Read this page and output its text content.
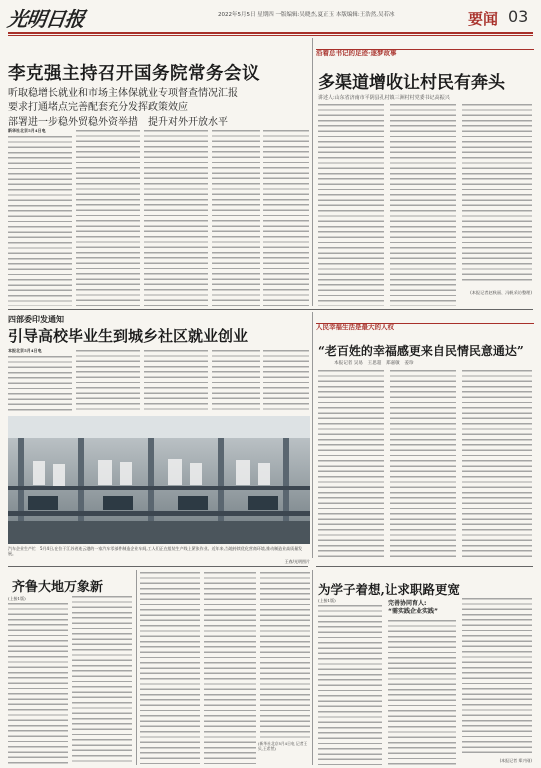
光明日报	2022年5月5日 星期四 一版编辑:吴晓杰,夏正玉 本版编辑:王浩然,吴若冰	要闻 03
李克强主持召开国务院常务会议
听取稳增长就业和市场主体保就业专项督查情况汇报
要求打通堵点完善配套充分发挥政策效应
部署进一步稳外贸稳外资举措　提升对外开放水平
新华社北京5月4日电
沿着总书记的足迹·逐梦故事
多渠道增收让村民有奔头
讲述人:山东省济南市平阴县孔村镇三洲村村党委书记高振兴
(本报记者赵秋丽、冯帆采访整理)
四部委印发通知
引导高校毕业生到城乡社区就业创业
本报北京5月4日电
汽车企业生产忙　5月4日,在位于江苏省连云港的一家汽车零部件制造企业车间,工人们正在组装生产线上紧张作业。近年来,当地持续优化营商环境,推动制造业高质量发展。
王春/光明图片
人民幸福生活是最大的人权
“老百姓的幸福感更来自民情民意通达”
本报记者 吴易　王思超　郑嘉敏　姜珍
齐鲁大地万象新
(上接1版)
(新华社北京5月4日电 记者王贝,王希然)
为学子着想,让求职路更宽
(上接1版)	完善协同育人:
“需实践企业实践”
(本报记者 郑兴刚)
